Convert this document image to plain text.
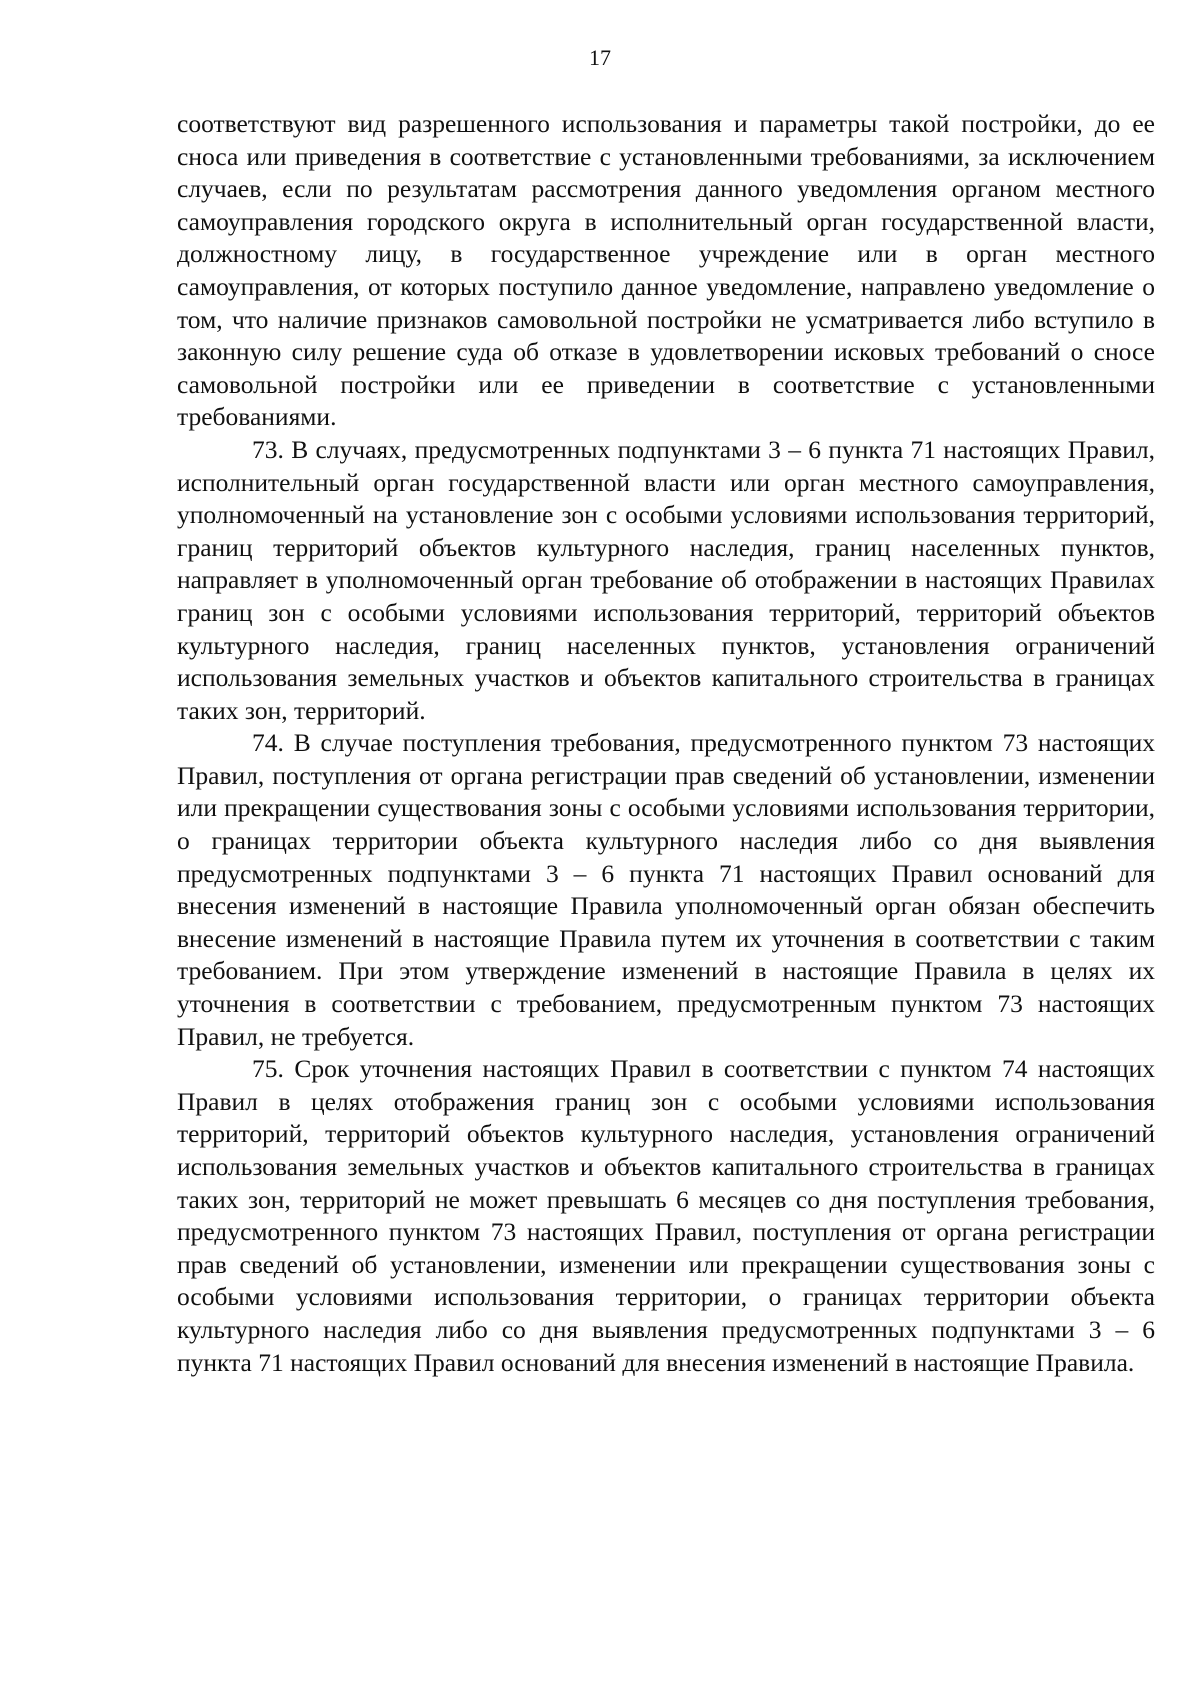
17

соответствуют вид разрешенного использования и параметры такой постройки, до ее сноса или приведения в соответствие с установленными требованиями, за исключением случаев, если по результатам рассмотрения данного уведомления органом местного самоуправления городского округа в исполнительный орган государственной власти, должностному лицу, в государственное учреждение или в орган местного самоуправления, от которых поступило данное уведомление, направлено уведомление о том, что наличие признаков самовольной постройки не усматривается либо вступило в законную силу решение суда об отказе в удовлетворении исковых требований о сносе самовольной постройки или ее приведении в соответствие с установленными требованиями.

73. В случаях, предусмотренных подпунктами 3 – 6 пункта 71 настоящих Правил, исполнительный орган государственной власти или орган местного самоуправления, уполномоченный на установление зон с особыми условиями использования территорий, границ территорий объектов культурного наследия, границ населенных пунктов, направляет в уполномоченный орган требование об отображении в настоящих Правилах границ зон с особыми условиями использования территорий, территорий объектов культурного наследия, границ населенных пунктов, установления ограничений использования земельных участков и объектов капитального строительства в границах таких зон, территорий.

74. В случае поступления требования, предусмотренного пунктом 73 настоящих Правил, поступления от органа регистрации прав сведений об установлении, изменении или прекращении существования зоны с особыми условиями использования территории, о границах территории объекта культурного наследия либо со дня выявления предусмотренных подпунктами 3 – 6 пункта 71 настоящих Правил оснований для внесения изменений в настоящие Правила уполномоченный орган обязан обеспечить внесение изменений в настоящие Правила путем их уточнения в соответствии с таким требованием. При этом утверждение изменений в настоящие Правила в целях их уточнения в соответствии с требованием, предусмотренным пунктом 73 настоящих Правил, не требуется.

75. Срок уточнения настоящих Правил в соответствии с пунктом 74 настоящих Правил в целях отображения границ зон с особыми условиями использования территорий, территорий объектов культурного наследия, установления ограничений использования земельных участков и объектов капитального строительства в границах таких зон, территорий не может превышать 6 месяцев со дня поступления требования, предусмотренного пунктом 73 настоящих Правил, поступления от органа регистрации прав сведений об установлении, изменении или прекращении существования зоны с особыми условиями использования территории, о границах территории объекта культурного наследия либо со дня выявления предусмотренных подпунктами 3 – 6 пункта 71 настоящих Правил оснований для внесения изменений в настоящие Правила.
